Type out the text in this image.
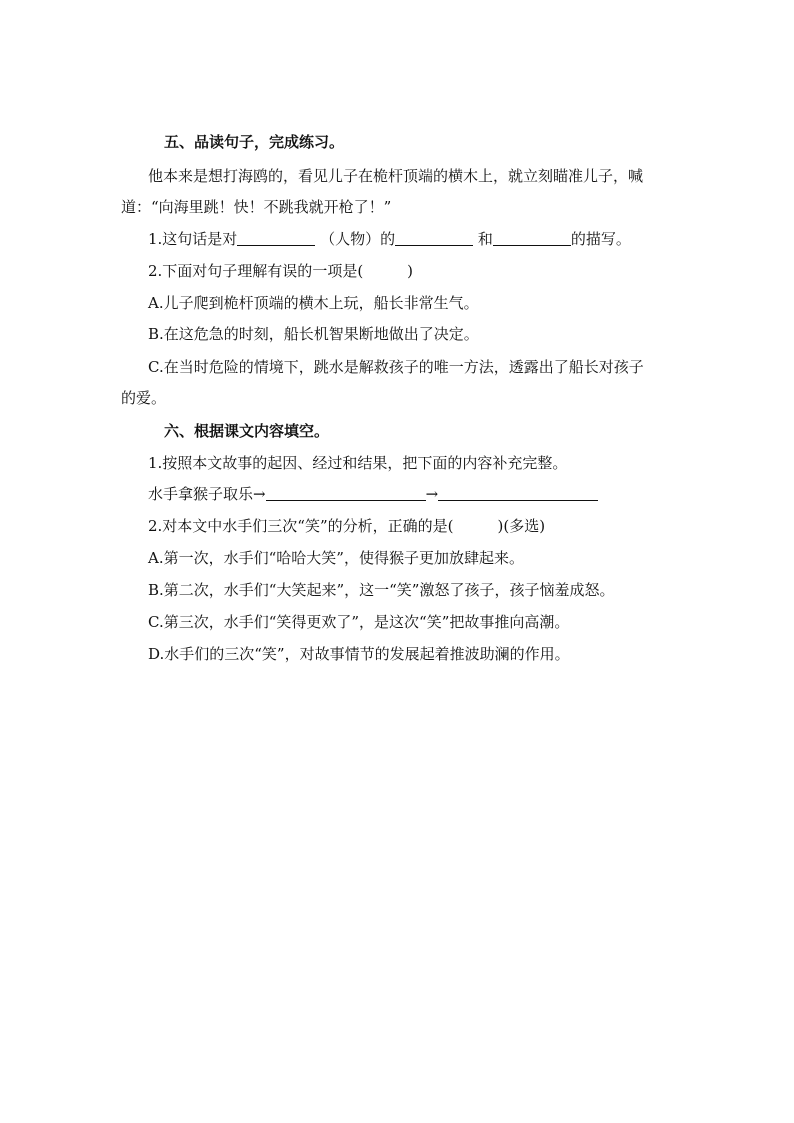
五、品读句子，完成练习。
他本来是想打海鸥的，看见儿子在桅杆顶端的横木上，就立刻瞄准儿子，喊
道：“向海里跳！快！不跳我就开枪了！”
1.这句话是对	（人物）的	和	的描写。
2.下面对句子理解有误的一项是(	)
A.儿子爬到桅杆顶端的横木上玩，船长非常生气。
B.在这危急的时刻，船长机智果断地做出了决定。
C.在当时危险的情境下，跳水是解救孩子的唯一方法，透露出了船长对孩子
的爱。
六、根据课文内容填空。
1.按照本文故事的起因、经过和结果，把下面的内容补充完整。
水手拿猴子取乐→	→
2.对本文中水手们三次“笑”的分析，正确的是(	)(多选)
A.第一次，水手们“哈哈大笑”，使得猴子更加放肆起来。
B.第二次，水手们“大笑起来”，这一“笑”激怒了孩子，孩子恼羞成怒。
C.第三次，水手们“笑得更欢了”，是这次“笑”把故事推向高潮。
D.水手们的三次“笑”，对故事情节的发展起着推波助澜的作用。
